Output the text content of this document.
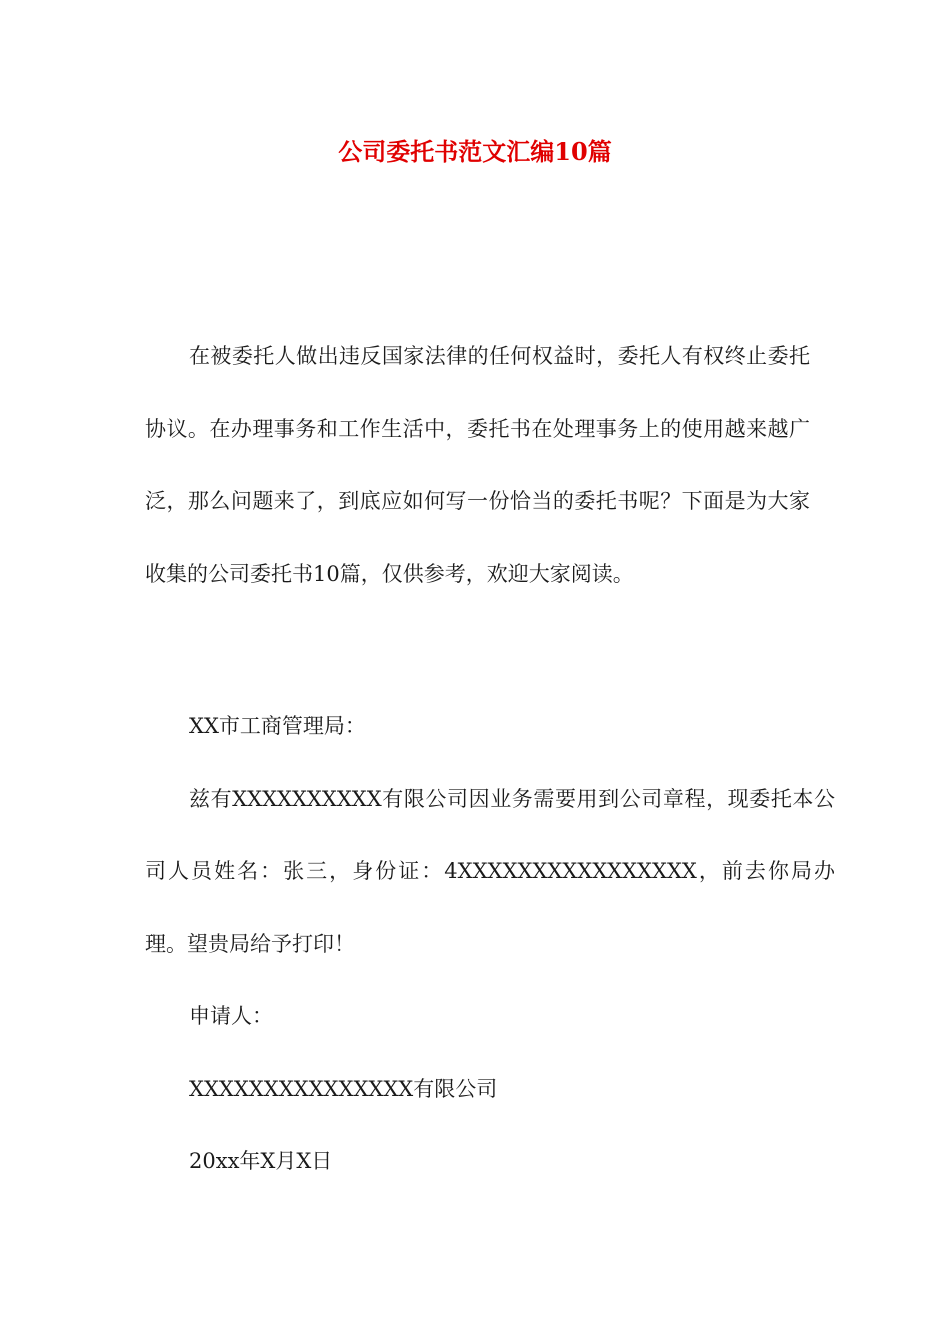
公司委托书范文汇编10篇

在被委托人做出违反国家法律的任何权益时，委托人有权终止委托协议。在办理事务和工作生活中，委托书在处理事务上的使用越来越广泛，那么问题来了，到底应如何写一份恰当的委托书呢？下面是为大家收集的公司委托书10篇，仅供参考，欢迎大家阅读。

XX市工商管理局：

兹有XXXXXXXXXX有限公司因业务需要用到公司章程，现委托本公司人员姓名：张三，身份证：4XXXXXXXXXXXXXXXX，前去你局办理。望贵局给予打印！

申请人：

XXXXXXXXXXXXXXX有限公司

20xx年X月X日
